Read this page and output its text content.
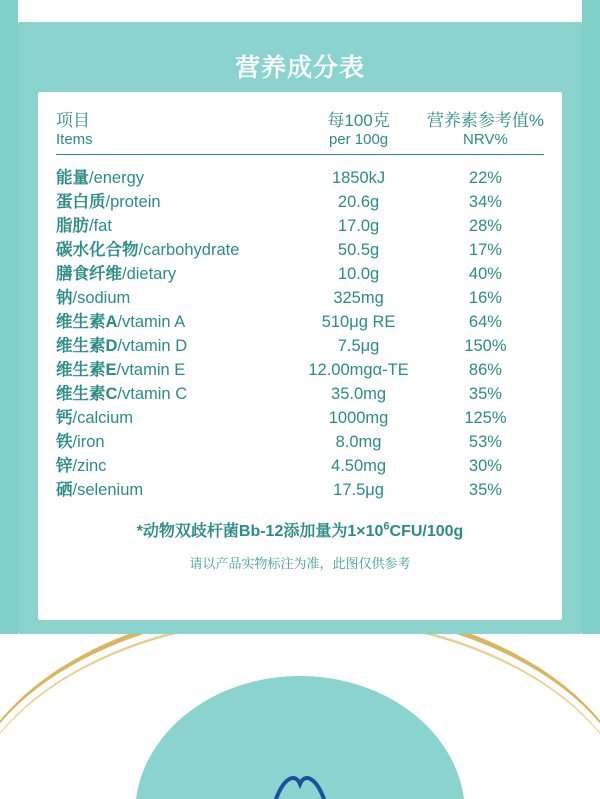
营养成分表
项目	每100克	营养素参考值%
Items	per 100g	NRV%

能量/energy	1850kJ	22%
蛋白质/protein	20.6g	34%
脂肪/fat	17.0g	28%
碳水化合物/carbohydrate	50.5g	17%
膳食纤维/dietary	10.0g	40%
钠/sodium	325mg	16%
维生素A/vtamin A	510μg RE	64%
维生素D/vtamin D	7.5μg	150%
维生素E/vtamin E	12.00mgα-TE	86%
维生素C/vtamin C	35.0mg	35%
钙/calcium	1000mg	125%
铁/iron	8.0mg	53%
锌/zinc	4.50mg	30%
硒/selenium	17.5μg	35%
*动物双歧杆菌Bb-12添加量为$1\times 10^6CFU/100g$
请以产品实物标注为准，此图仅供参考
